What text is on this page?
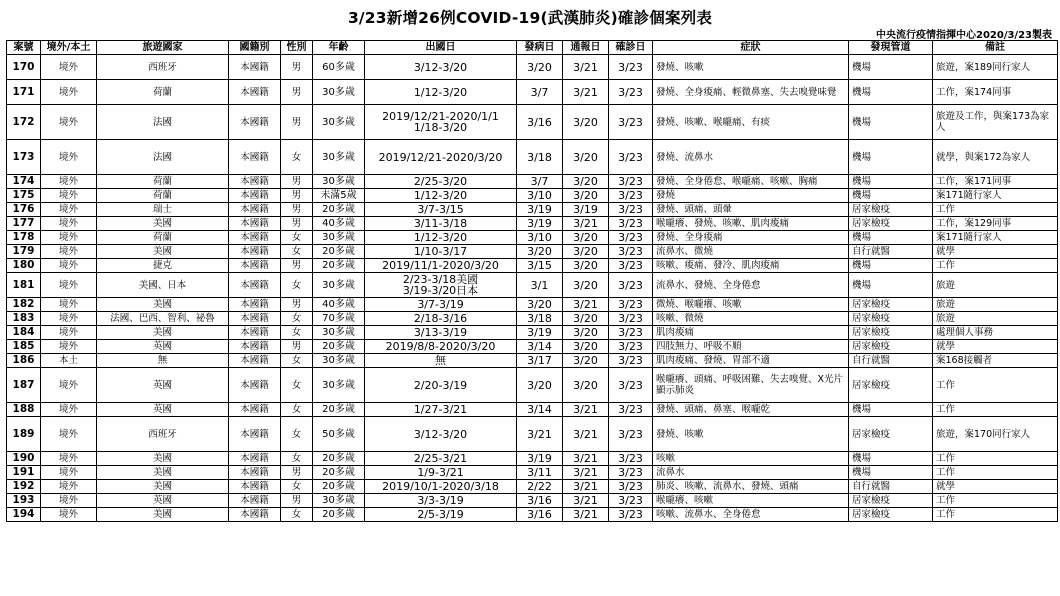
3/23新增26例COVID-19(武漢肺炎)確診個案列表
中央流行疫情指揮中心2020/3/23製表
案號	境外/本土	旅遊國家	國籍別	性別	年齡	出國日	發病日	通報日	確診日	症狀	發現管道	備註
170	境外	西班牙	本國籍	男	60多歲	3/12-3/20	3/20	3/21	3/23	發燒、咳嗽	機場	旅遊，案189同行家人
171	境外	荷蘭	本國籍	男	30多歲	1/12-3/20	3/7	3/21	3/23	發燒、全身痠痛、輕微鼻塞、失去嗅覺味覺	機場	工作，案174同事
172	境外	法國	本國籍	男	30多歲	2019/12/21-2020/1/1
1/18-3/20	3/16	3/20	3/23	發燒、咳嗽、喉嚨痛、有痰	機場	旅遊及工作，與案173為家人
173	境外	法國	本國籍	女	30多歲	2019/12/21-2020/3/20	3/18	3/20	3/23	發燒、流鼻水	機場	就學，與案172為家人
174	境外	荷蘭	本國籍	男	30多歲	2/25-3/20	3/7	3/20	3/23	發燒、全身倦怠、喉嚨痛、咳嗽、胸痛	機場	工作，案171同事
175	境外	荷蘭	本國籍	男	未滿5歲	1/12-3/20	3/10	3/20	3/23	發燒	機場	案171隨行家人
176	境外	瑞士	本國籍	男	20多歲	3/7-3/15	3/19	3/19	3/23	發燒、頭痛、頭暈	居家檢疫	工作
177	境外	美國	本國籍	男	40多歲	3/11-3/18	3/19	3/21	3/23	喉嚨癢、發燒、咳嗽、肌肉痠痛	居家檢疫	工作，案129同事
178	境外	荷蘭	本國籍	女	30多歲	1/12-3/20	3/10	3/20	3/23	發燒、全身痠痛	機場	案171隨行家人
179	境外	美國	本國籍	女	20多歲	1/10-3/17	3/20	3/20	3/23	流鼻水、微燒	自行就醫	就學
180	境外	捷克	本國籍	男	20多歲	2019/11/1-2020/3/20	3/15	3/20	3/23	咳嗽、痠痛、發冷、肌肉痠痛	機場	工作
181	境外	美國、日本	本國籍	女	30多歲	2/23-3/18美國
3/19-3/20日本	3/1	3/20	3/23	流鼻水、發燒、全身倦怠	機場	旅遊
182	境外	美國	本國籍	男	40多歲	3/7-3/19	3/20	3/21	3/23	微燒、喉嚨癢、咳嗽	居家檢疫	旅遊
183	境外	法國、巴西、智利、祕魯	本國籍	女	70多歲	2/18-3/16	3/18	3/20	3/23	咳嗽、微燒	居家檢疫	旅遊
184	境外	美國	本國籍	女	30多歲	3/13-3/19	3/19	3/20	3/23	肌肉痠痛	居家檢疫	處理個人事務
185	境外	英國	本國籍	男	20多歲	2019/8/8-2020/3/20	3/14	3/20	3/23	四肢無力、呼吸不順	居家檢疫	就學
186	本土	無	本國籍	女	30多歲	無	3/17	3/20	3/23	肌肉痠痛、發燒、胃部不適	自行就醫	案168接觸者
187	境外	英國	本國籍	女	30多歲	2/20-3/19	3/20	3/20	3/23	喉嚨癢、頭痛、呼吸困難、失去嗅覺、X光片顯示肺炎	居家檢疫	工作
188	境外	英國	本國籍	女	20多歲	1/27-3/21	3/14	3/21	3/23	發燒、頭痛、鼻塞、喉嚨乾	機場	工作
189	境外	西班牙	本國籍	女	50多歲	3/12-3/20	3/21	3/21	3/23	發燒、咳嗽	居家檢疫	旅遊，案170同行家人
190	境外	美國	本國籍	女	20多歲	2/25-3/21	3/19	3/21	3/23	咳嗽	機場	工作
191	境外	美國	本國籍	男	20多歲	1/9-3/21	3/11	3/21	3/23	流鼻水	機場	工作
192	境外	美國	本國籍	女	20多歲	2019/10/1-2020/3/18	2/22	3/21	3/23	肺炎、咳嗽、流鼻水、發燒、頭痛	自行就醫	就學
193	境外	英國	本國籍	男	30多歲	3/3-3/19	3/16	3/21	3/23	喉嚨癢、咳嗽	居家檢疫	工作
194	境外	美國	本國籍	女	20多歲	2/5-3/19	3/16	3/21	3/23	咳嗽、流鼻水、全身倦怠	居家檢疫	工作
